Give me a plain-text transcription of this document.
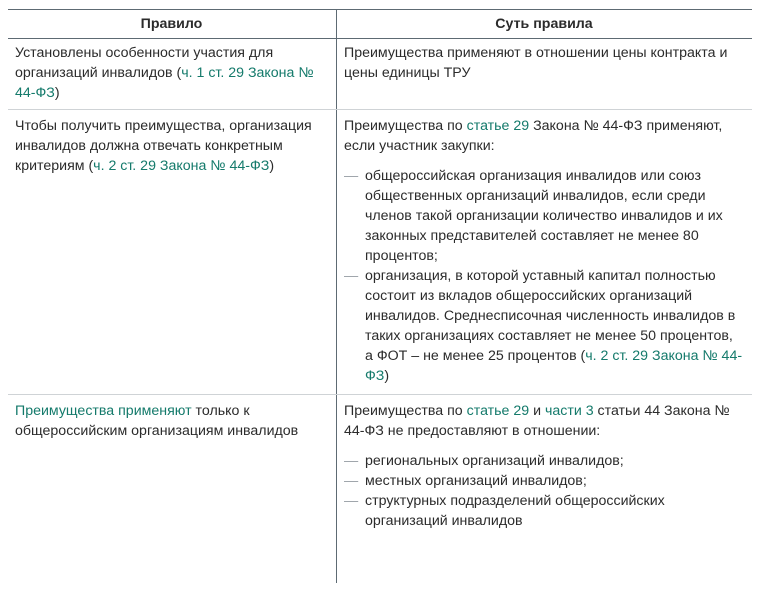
Правило	Суть правила
Установлены особенности участия для организаций инвалидов (ч. 1 ст. 29 Закона № 44-ФЗ)
Преимущества применяют в отношении цены контракта и цены единицы ТРУ
Чтобы получить преимущества, организация инвалидов должна отвечать конкретным критериям (ч. 2 ст. 29 Закона № 44-ФЗ)
Преимущества по статье 29 Закона № 44-ФЗ применяют, если участник закупки:
— общероссийская организация инвалидов или союз общественных организаций инвалидов, если среди членов такой организации количество инвалидов и их законных представителей составляет не менее 80 процентов;
— организация, в которой уставный капитал полностью состоит из вкладов общероссийских организаций инвалидов. Среднесписочная численность инвалидов в таких организациях составляет не менее 50 процентов, а ФОТ – не менее 25 процентов (ч. 2 ст. 29 Закона № 44-ФЗ)
Преимущества применяют только к общероссийским организациям инвалидов
Преимущества по статье 29 и части 3 статьи 44 Закона № 44-ФЗ не предоставляют в отношении:
— региональных организаций инвалидов;
— местных организаций инвалидов;
— структурных подразделений общероссийских организаций инвалидов
